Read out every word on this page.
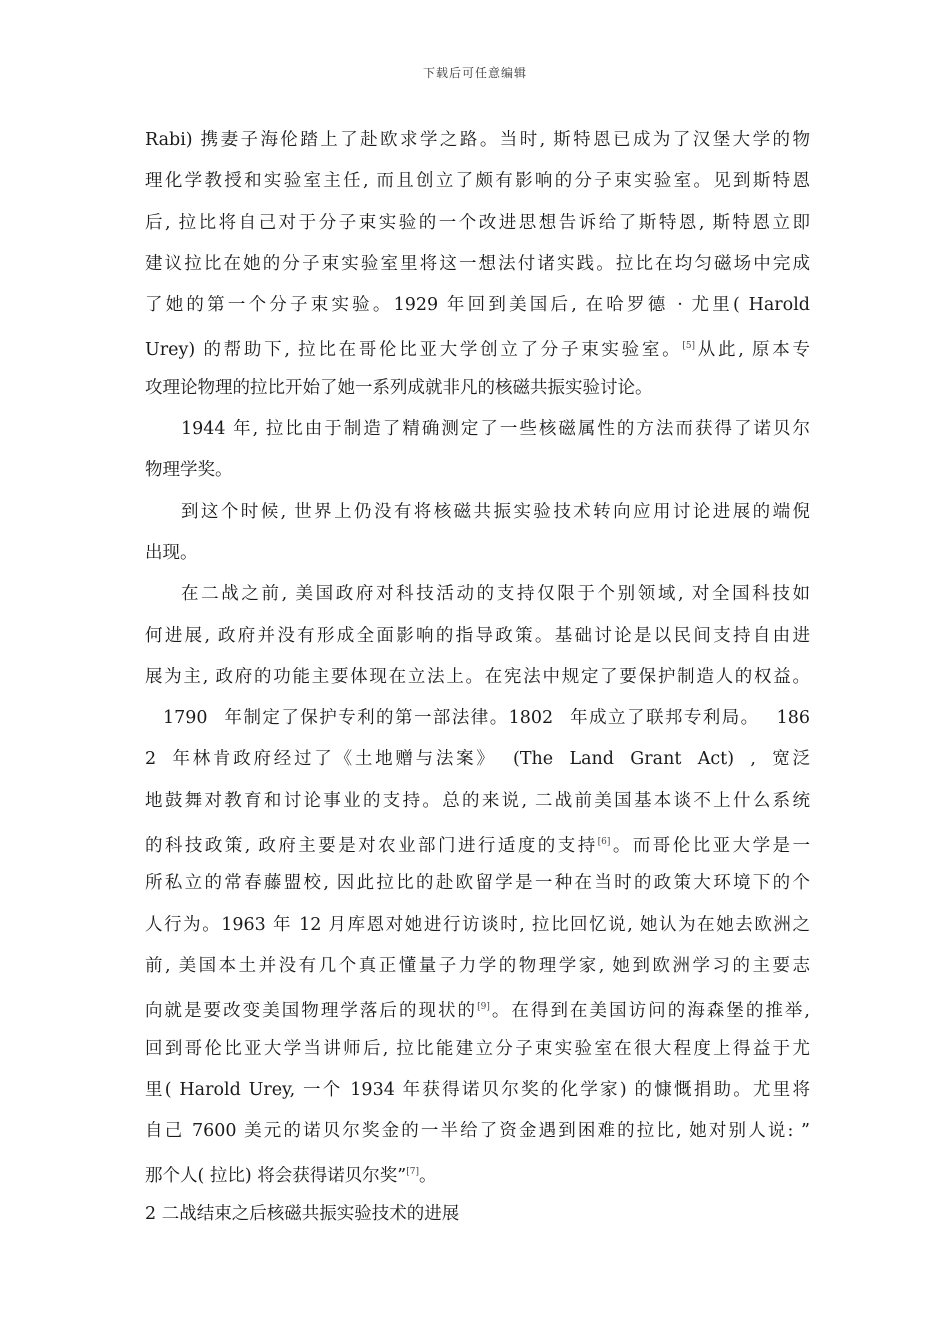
下载后可任意编辑
Rabi) 携妻子海伦踏上了赴欧求学之路。当时, 斯特恩已成为了汉堡大学的物
理化学教授和实验室主任, 而且创立了颇有影响的分子束实验室。见到斯特恩
后, 拉比将自己对于分子束实验的一个改进思想告诉给了斯特恩, 斯特恩立即
建议拉比在她的分子束实验室里将这一想法付诸实践。拉比在均匀磁场中完成
了她的第一个分子束实验。1929 年回到美国后, 在哈罗德 · 尤里( Harold
Urey) 的帮助下, 拉比在哥伦比亚大学创立了分子束实验室。[5]从此, 原本专
攻理论物理的拉比开始了她一系列成就非凡的核磁共振实验讨论。
1944 年, 拉比由于制造了精确测定了一些核磁属性的方法而获得了诺贝尔
物理学奖。
到这个时候, 世界上仍没有将核磁共振实验技术转向应用讨论进展的端倪
出现。
在二战之前, 美国政府对科技活动的支持仅限于个别领域, 对全国科技如
何进展, 政府并没有形成全面影响的指导政策。基础讨论是以民间支持自由进
展为主, 政府的功能主要体现在立法上。在宪法中规定了要保护制造人的权益。
1790 年制定了保护专利的第一部法律。1802 年成立了联邦专利局。 186
2 年林肯政府经过了《土地赠与法案》 (The Land Grant Act) , 宽泛
地鼓舞对教育和讨论事业的支持。总的来说, 二战前美国基本谈不上什么系统
的科技政策, 政府主要是对农业部门进行适度的支持[6]。而哥伦比亚大学是一
所私立的常春藤盟校, 因此拉比的赴欧留学是一种在当时的政策大环境下的个
人行为。1963 年 12 月库恩对她进行访谈时, 拉比回忆说, 她认为在她去欧洲之
前, 美国本土并没有几个真正懂量子力学的物理学家, 她到欧洲学习的主要志
向就是要改变美国物理学落后的现状的[9]。在得到在美国访问的海森堡的推举,
回到哥伦比亚大学当讲师后, 拉比能建立分子束实验室在很大程度上得益于尤
里( Harold Urey, 一个 1934 年获得诺贝尔奖的化学家) 的慷慨捐助。尤里将
自己 7600 美元的诺贝尔奖金的一半给了资金遇到困难的拉比, 她对别人说: ”
那个人( 拉比) 将会获得诺贝尔奖”[7]。
2 二战结束之后核磁共振实验技术的进展
